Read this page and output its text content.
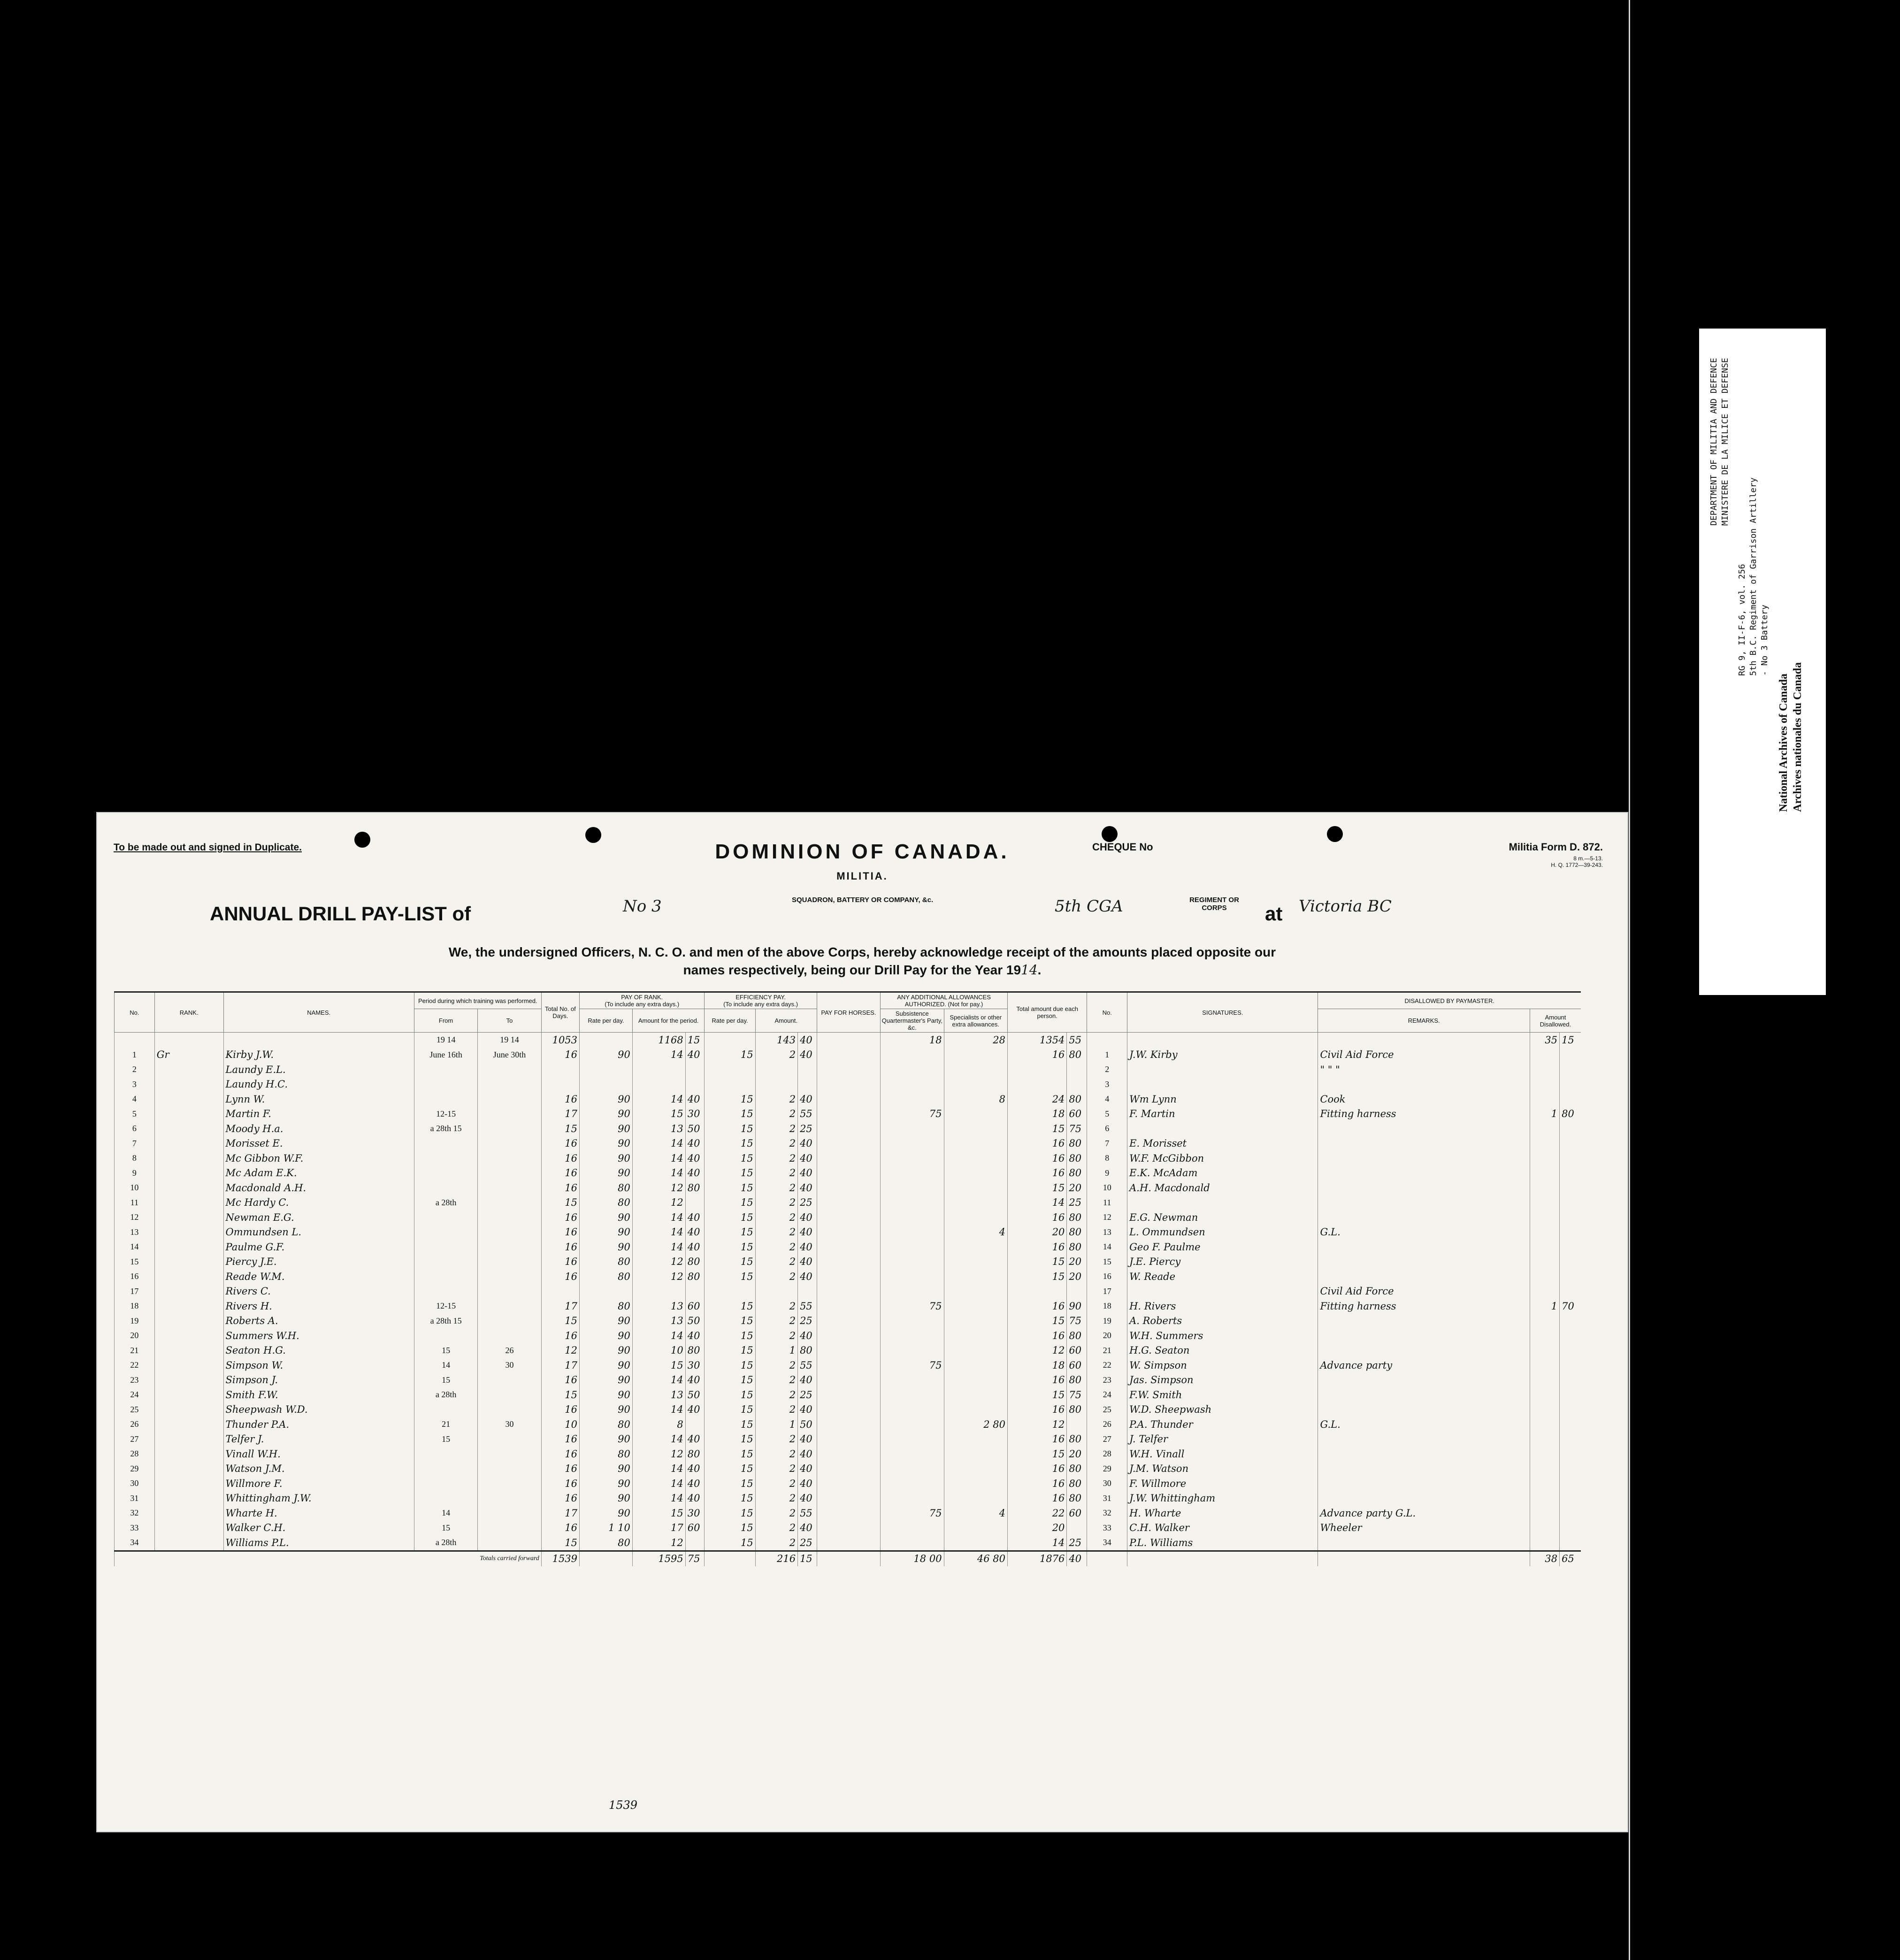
To be made out and signed in Duplicate.	DOMINION OF CANADA.
MILITIA.
CHEQUE No	Militia Form D. 872.
8 m.—5-13.
H. Q. 1772—39-243.
ANNUAL DRILL PAY-LIST of	No 3	SQUADRON, BATTERY OR COMPANY, &c.	5th CGA	REGIMENT OR CORPS	at Victoria BC
We, the undersigned Officers, N. C. O. and men of the above Corps, hereby acknowledge receipt of the amounts placed opposite our
names respectively, being our Drill Pay for the Year 1914.
No.	RANK.	NAMES.	Period during which training was performed.		Total No. of Days.	PAY OF RANK.
(To include any extra days.)			EFFICIENCY PAY.
(To include any extra days.)			PAY FOR HORSES.	ANY ADDITIONAL ALLOWANCES AUTHORIZED. (Not for pay.)		Total amount due each person.		No.	SIGNATURES.	DISALLOWED BY PAYMASTER.		
			From	To		Rate per day.	Amount for the period.		Rate per day.	Amount.			Subsistence Quartermaster's Party, &c.	Specialists or other extra allowances.					REMARKS.	Amount Disallowed.	
			19 14	19 14	1053		1168	15		143	40		18	28	1354	55				35	15
1	Gr	Kirby J.W.	June 16th	June 30th	16	90	14	40	15	2	40				16	80	1	J.W. Kirby	Civil Aid Force		
2		Laundy E.L.															2		" " "		
3		Laundy H.C.															3				
4		Lynn W.			16	90	14	40	15	2	40			8	24	80	4	Wm Lynn	Cook		
5		Martin F.	12-15		17	90	15	30	15	2	55		75		18	60	5	F. Martin	Fitting harness	1	80
6		Moody H.a.	a 28th 15		15	90	13	50	15	2	25				15	75	6				
7		Morisset E.			16	90	14	40	15	2	40				16	80	7	E. Morisset			
8		Mc Gibbon W.F.			16	90	14	40	15	2	40				16	80	8	W.F. McGibbon			
9		Mc Adam E.K.			16	90	14	40	15	2	40				16	80	9	E.K. McAdam			
10		Macdonald A.H.			16	80	12	80	15	2	40				15	20	10	A.H. Macdonald			
11		Mc Hardy C.	a 28th		15	80	12		15	2	25				14	25	11				
12		Newman E.G.			16	90	14	40	15	2	40				16	80	12	E.G. Newman			
13		Ommundsen L.			16	90	14	40	15	2	40			4	20	80	13	L. Ommundsen	G.L.		
14		Paulme G.F.			16	90	14	40	15	2	40				16	80	14	Geo F. Paulme			
15		Piercy J.E.			16	80	12	80	15	2	40				15	20	15	J.E. Piercy			
16		Reade W.M.			16	80	12	80	15	2	40				15	20	16	W. Reade			
17		Rivers C.															17		Civil Aid Force		
18		Rivers H.	12-15		17	80	13	60	15	2	55		75		16	90	18	H. Rivers	Fitting harness	1	70
19		Roberts A.	a 28th 15		15	90	13	50	15	2	25				15	75	19	A. Roberts			
20		Summers W.H.			16	90	14	40	15	2	40				16	80	20	W.H. Summers			
21		Seaton H.G.	15	26	12	90	10	80	15	1	80				12	60	21	H.G. Seaton			
22		Simpson W.	14	30	17	90	15	30	15	2	55		75		18	60	22	W. Simpson	Advance party		
23		Simpson J.	15		16	90	14	40	15	2	40				16	80	23	Jas. Simpson			
24		Smith F.W.	a 28th		15	90	13	50	15	2	25				15	75	24	F.W. Smith			
25		Sheepwash W.D.			16	90	14	40	15	2	40				16	80	25	W.D. Sheepwash			
26		Thunder P.A.	21	30	10	80	8		15	1	50			2 80	12		26	P.A. Thunder	G.L.		
27		Telfer J.	15		16	90	14	40	15	2	40				16	80	27	J. Telfer			
28		Vinall W.H.			16	80	12	80	15	2	40				15	20	28	W.H. Vinall			
29		Watson J.M.			16	90	14	40	15	2	40				16	80	29	J.M. Watson			
30		Willmore F.			16	90	14	40	15	2	40				16	80	30	F. Willmore			
31		Whittingham J.W.			16	90	14	40	15	2	40				16	80	31	J.W. Whittingham			
32		Wharte H.	14		17	90	15	30	15	2	55		75	4	22	60	32	H. Wharte	Advance party G.L.		
33		Walker C.H.	15		16	1 10	17	60	15	2	40				20		33	C.H. Walker	Wheeler		
34		Williams P.L.	a 28th		15	80	12		15	2	25				14	25	34	P.L. Williams			
Totals carried forward					1539		1595	75		216	15		18 00	46 80	1876	40				38	65
1539
DEPARTMENT OF MILITIA AND DEFENCE MINISTERE DE LA MILICE ET DEFENSE
RG 9, II-F-6, vol. 256 5th B.C. Regiment of Garrison Artillery - No 3 Battery
National Archives of Canada Archives nationales du Canada
